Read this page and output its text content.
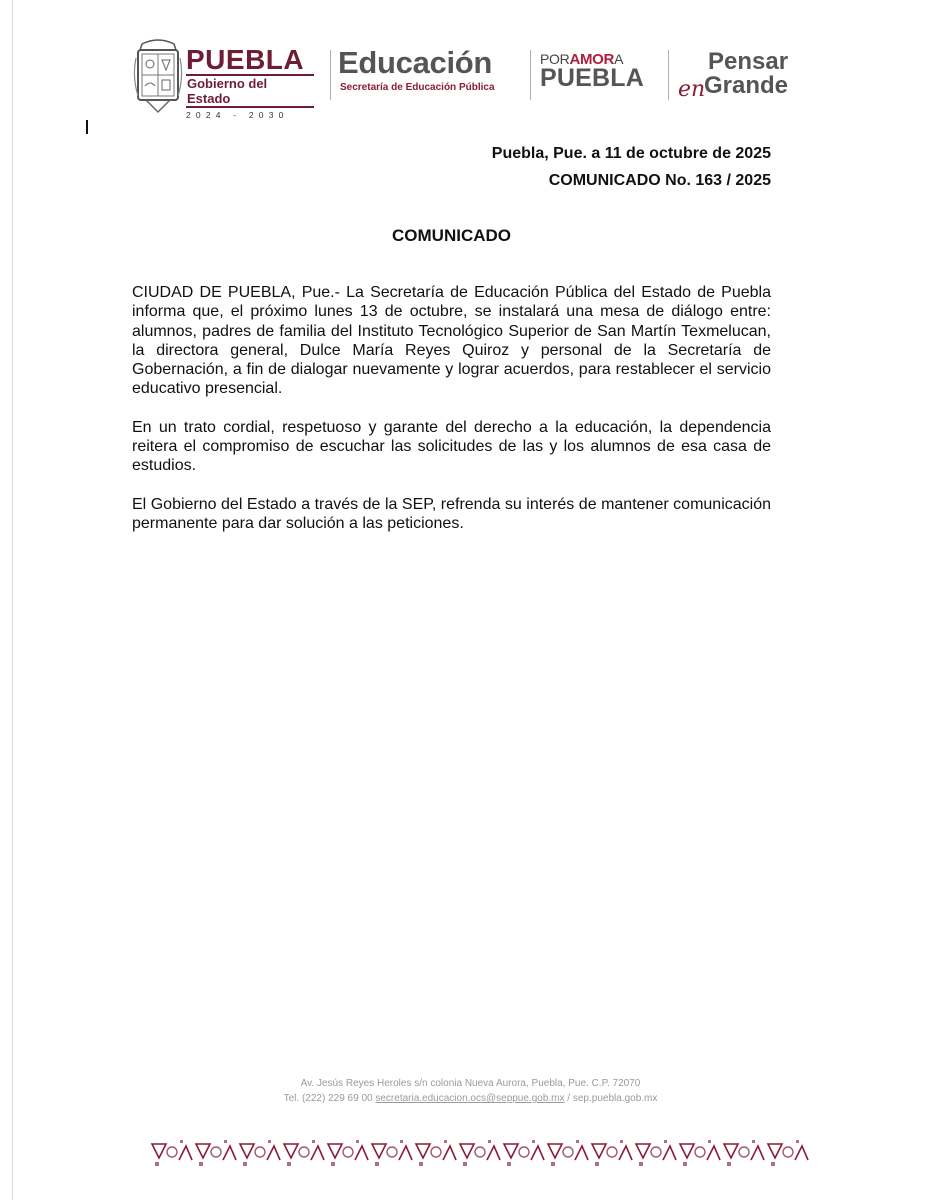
PUEBLA
Gobierno del Estado
2024 - 2030
Educación
Secretaría de Educación Pública
PORAMORA
PUEBLA
Pensar
en
Grande
Puebla, Pue. a 11 de octubre de 2025
COMUNICADO No. 163 / 2025
COMUNICADO

CIUDAD DE PUEBLA, Pue.- La Secretaría de Educación Pública del Estado de Puebla informa que, el próximo lunes 13 de octubre, se instalará una mesa de diálogo entre: alumnos, padres de familia del Instituto Tecnológico Superior de San Martín Texmelucan, la directora general, Dulce María Reyes Quiroz y personal de la Secretaría de Gobernación, a fin de dialogar nuevamente y lograr acuerdos, para restablecer el servicio educativo presencial.

En un trato cordial, respetuoso y garante del derecho a la educación, la dependencia reitera el compromiso de escuchar las solicitudes de las y los alumnos de esa casa de estudios.

El Gobierno del Estado a través de la SEP, refrenda su interés de mantener comunicación permanente para dar solución a las peticiones.

Av. Jesús Reyes Heroles s/n colonia Nueva Aurora, Puebla, Pue. C.P. 72070
Tel. (222) 229 69 00 secretaria.educacion.ocs@seppue.gob.mx / sep.puebla.gob.mx
